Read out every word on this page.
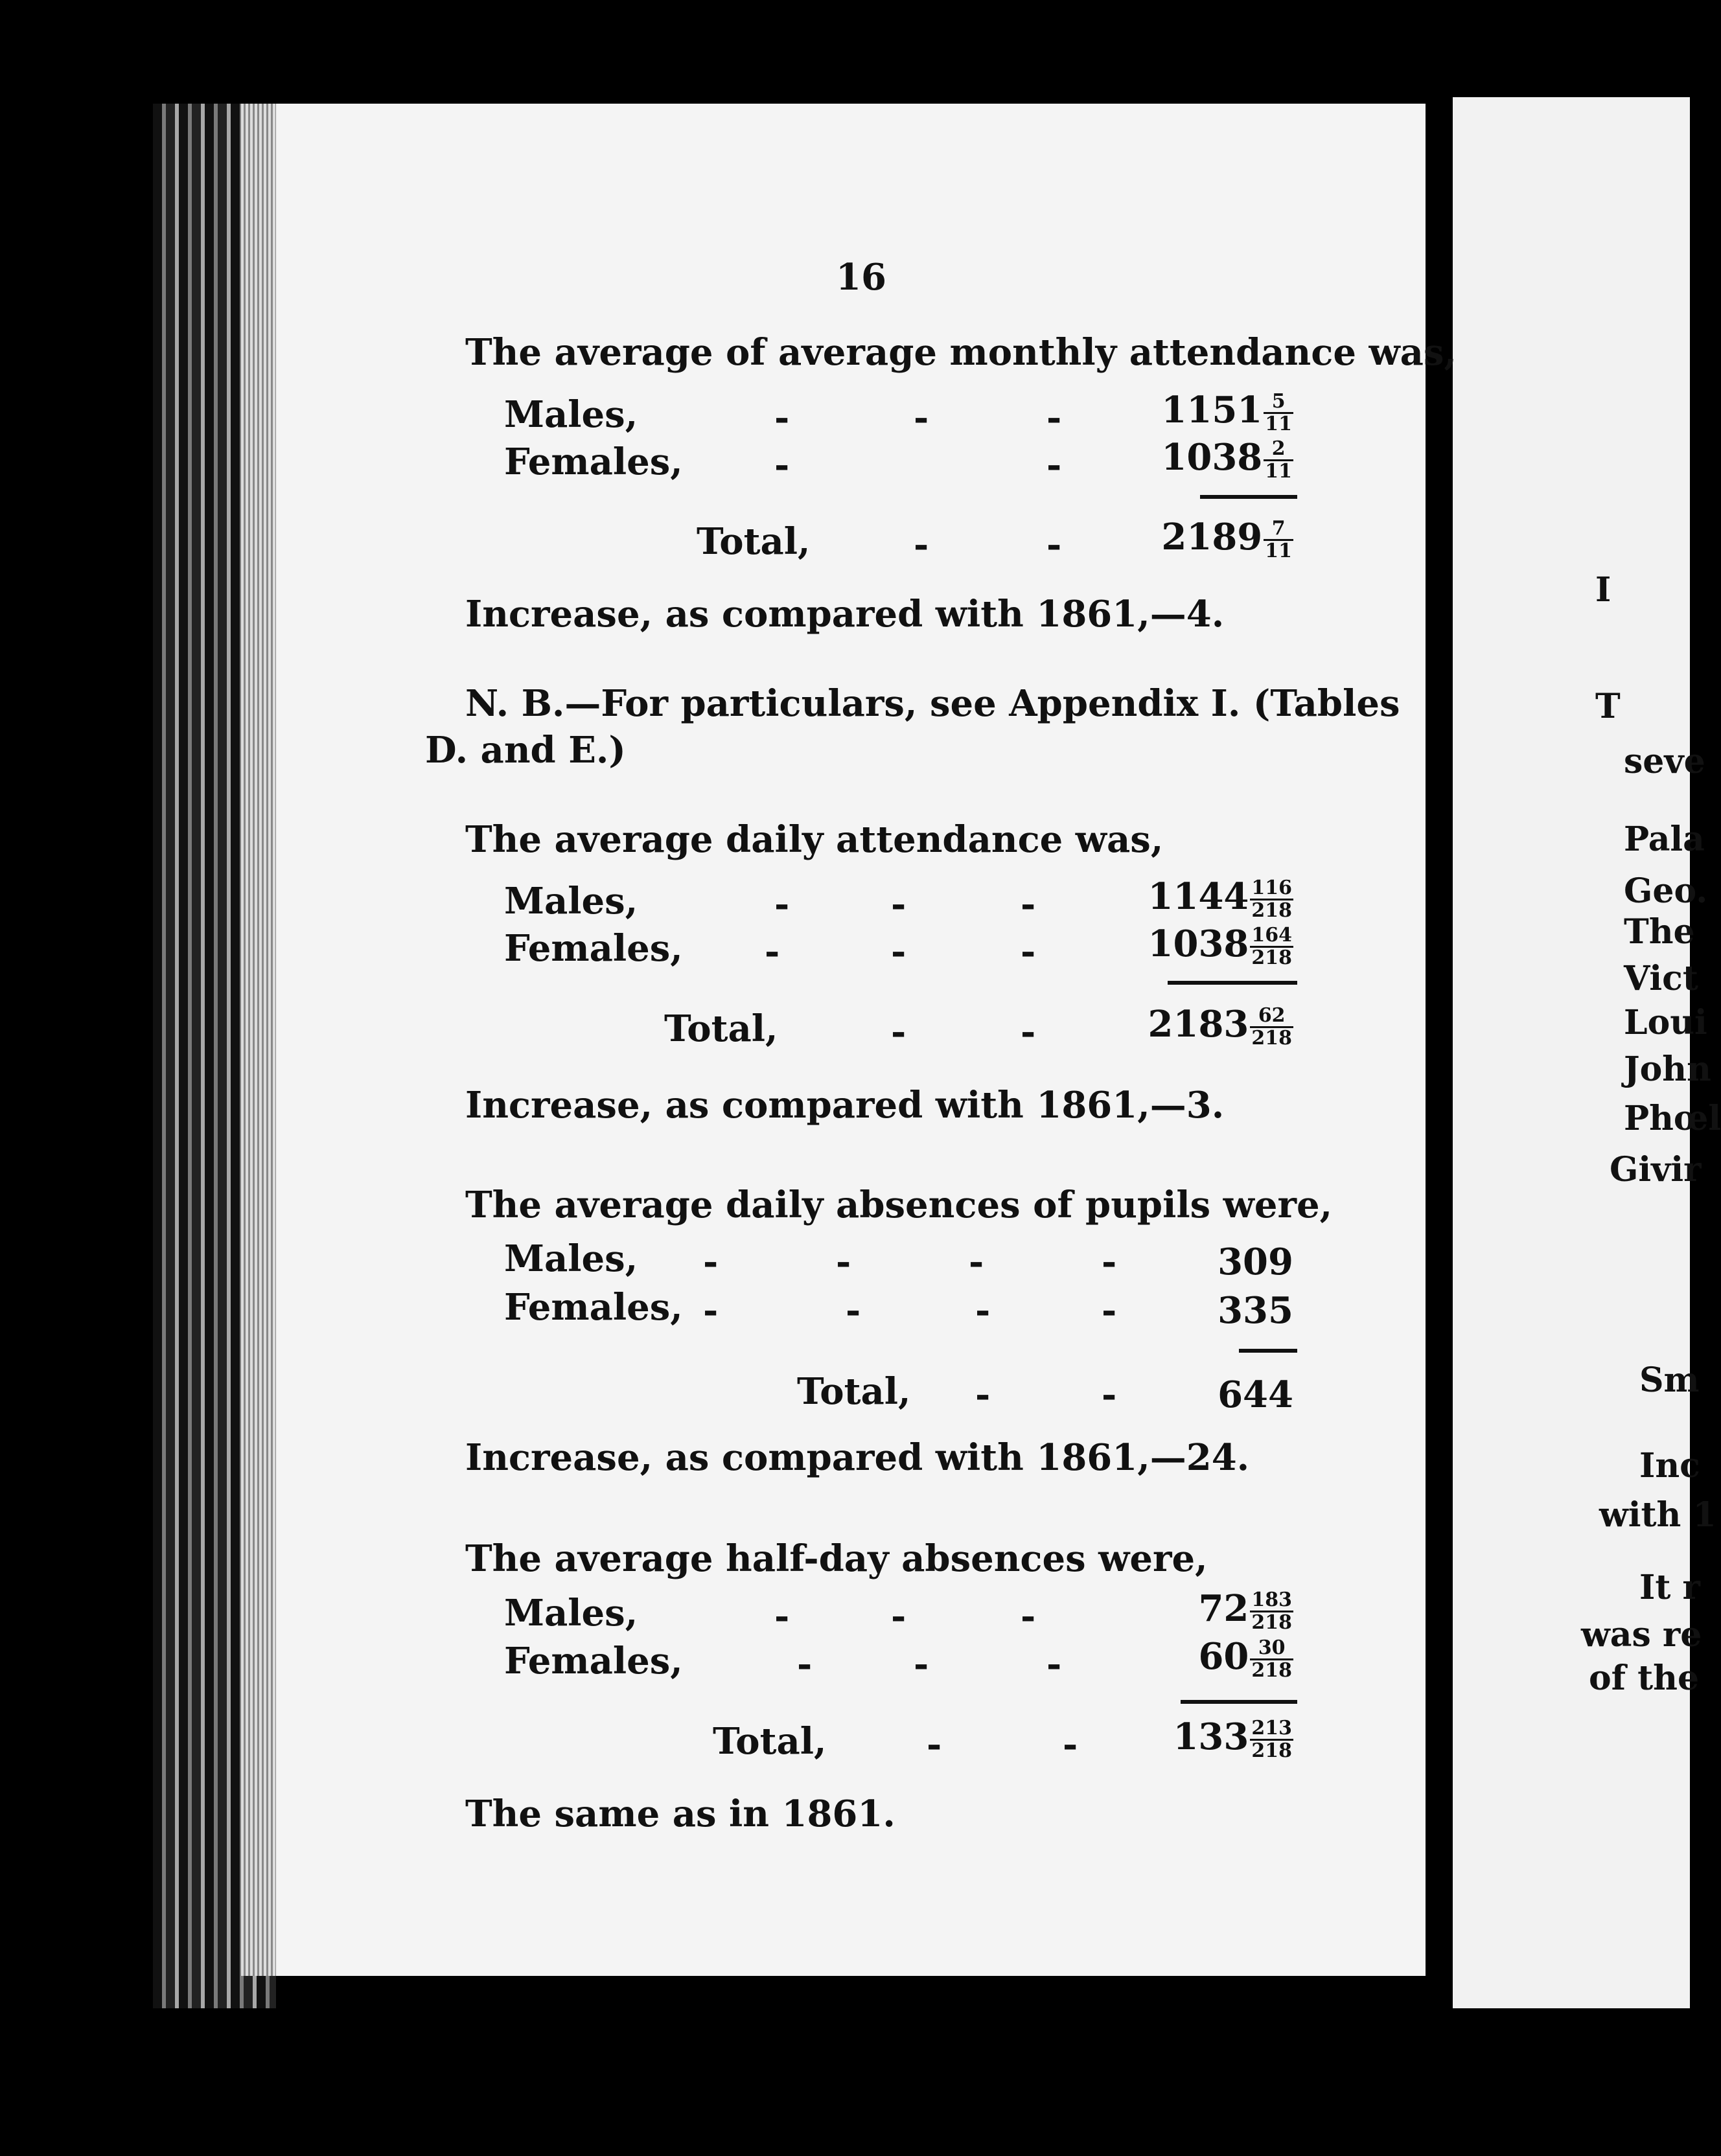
16
The average of average monthly attendance was,
Males,	-	-	-	$1151 \frac{5}{11}$
Females,	-	-	$1038 \frac{2}{11}$
Total,	-	-	$2189 \frac{7}{11}$
Increase, as compared with 1861,—4.
N. B.—For particulars, see Appendix I. (Tables
D. and E.)
The average daily attendance was,
Males,	-	-	-	$1144 \frac{116}{218}$
Females, -	-	-	$1038 \frac{164}{218}$
Total,	-	-	$2183 \frac{62}{218}$
Increase, as compared with 1861,—3.
The average daily absences of pupils were,
Males, -	-	-	-	309
Females, -	-	-	-	335
Total, -	-	644
Increase, as compared with 1861,—24.
The average half-day absences were,
Males,	-	-	-	$72 \frac{183}{218}$
Females,	-	-	-	$60 \frac{30}{218}$
Total,	-	-	$133 \frac{213}{218}$
The same as in 1861.
I
T
seve
Pala
Geo.
The
Vict
Loui
John
Phœl
Givir
Sm
Inc
with 1
It r
was re
of the
